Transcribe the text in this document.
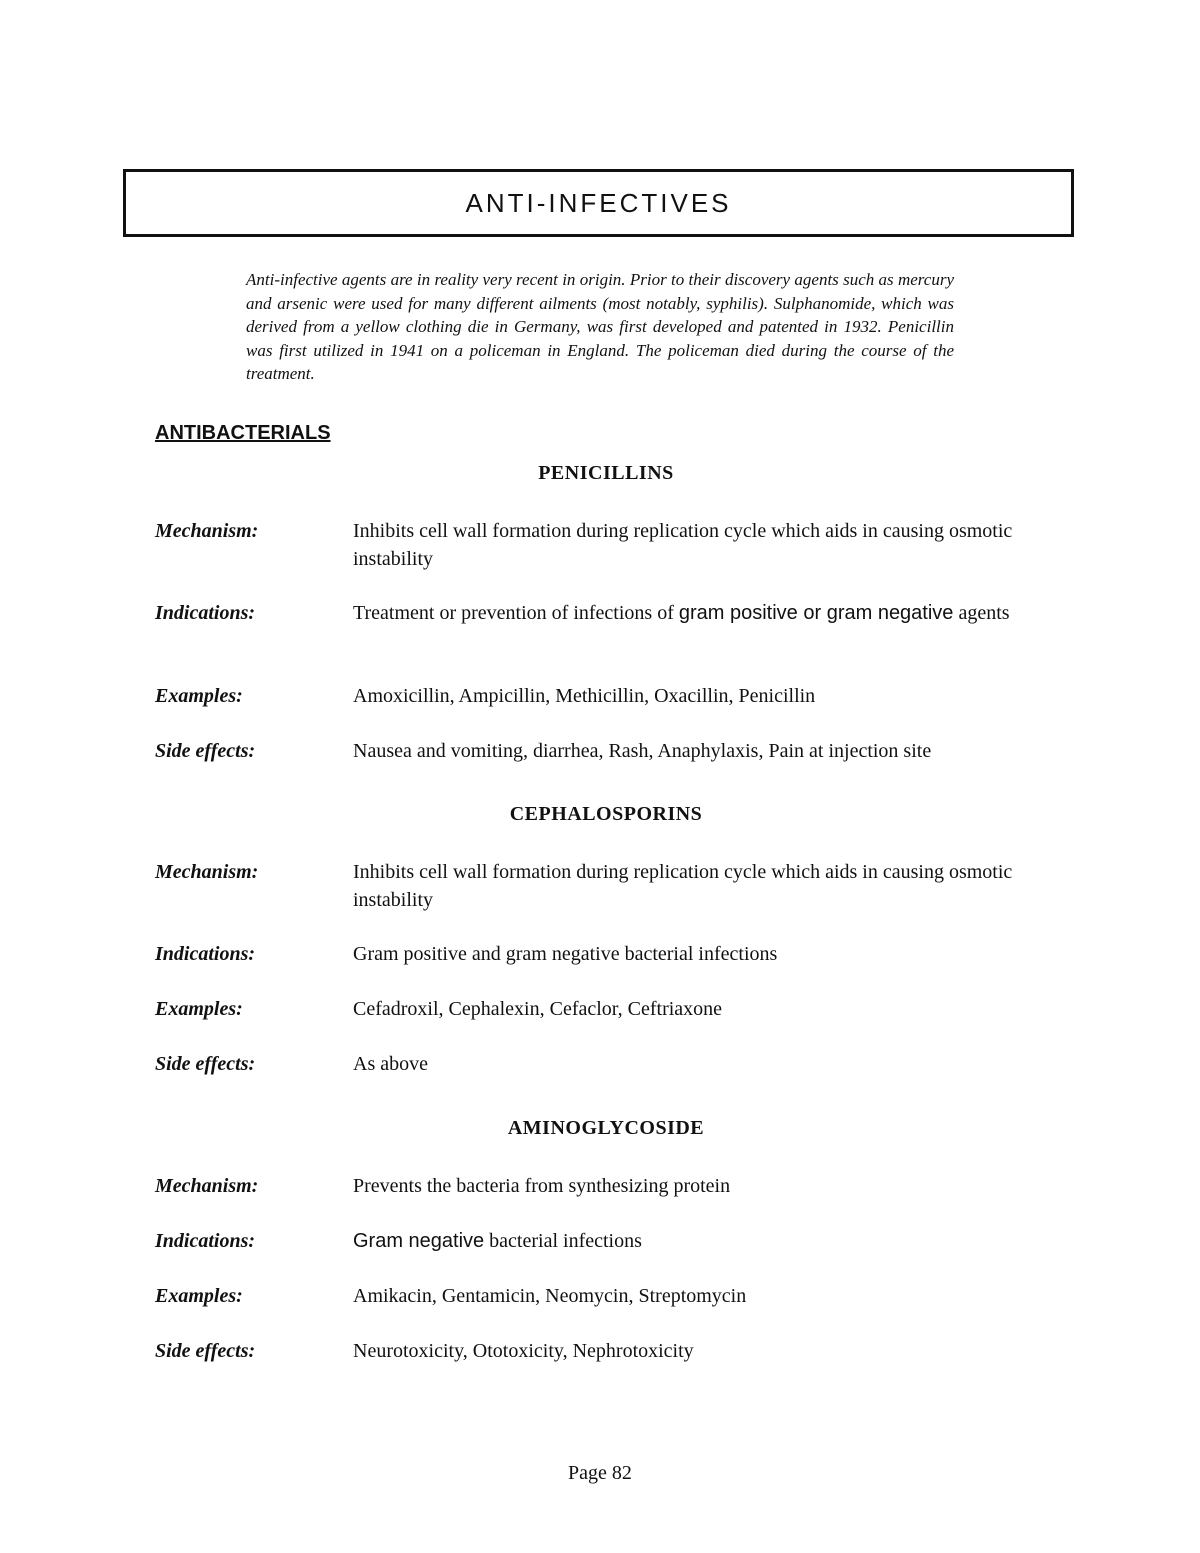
ANTI-INFECTIVES

Anti-infective agents are in reality very recent in origin. Prior to their discovery agents such as mercury and arsenic were used for many different ailments (most notably, syphilis). Sulphanomide, which was derived from a yellow clothing die in Germany, was first developed and patented in 1932. Penicillin was first utilized in 1941 on a policeman in England. The policeman died during the course of the treatment.

ANTIBACTERIALS
PENICILLINS
Mechanism:	Inhibits cell wall formation during replication cycle which aids in causing osmotic instability
Indications:	Treatment or prevention of infections of gram positive or gram negative agents
Examples:	Amoxicillin, Ampicillin, Methicillin, Oxacillin, Penicillin
Side effects:	Nausea and vomiting, diarrhea, Rash, Anaphylaxis, Pain at injection site
CEPHALOSPORINS
Mechanism:	Inhibits cell wall formation during replication cycle which aids in causing osmotic instability
Indications:	Gram positive and gram negative bacterial infections
Examples:	Cefadroxil, Cephalexin, Cefaclor, Ceftriaxone
Side effects:	As above
AMINOGLYCOSIDE
Mechanism:	Prevents the bacteria from synthesizing protein
Indications:	Gram negative bacterial infections
Examples:	Amikacin, Gentamicin, Neomycin, Streptomycin
Side effects:	Neurotoxicity, Ototoxicity, Nephrotoxicity
Page 82
